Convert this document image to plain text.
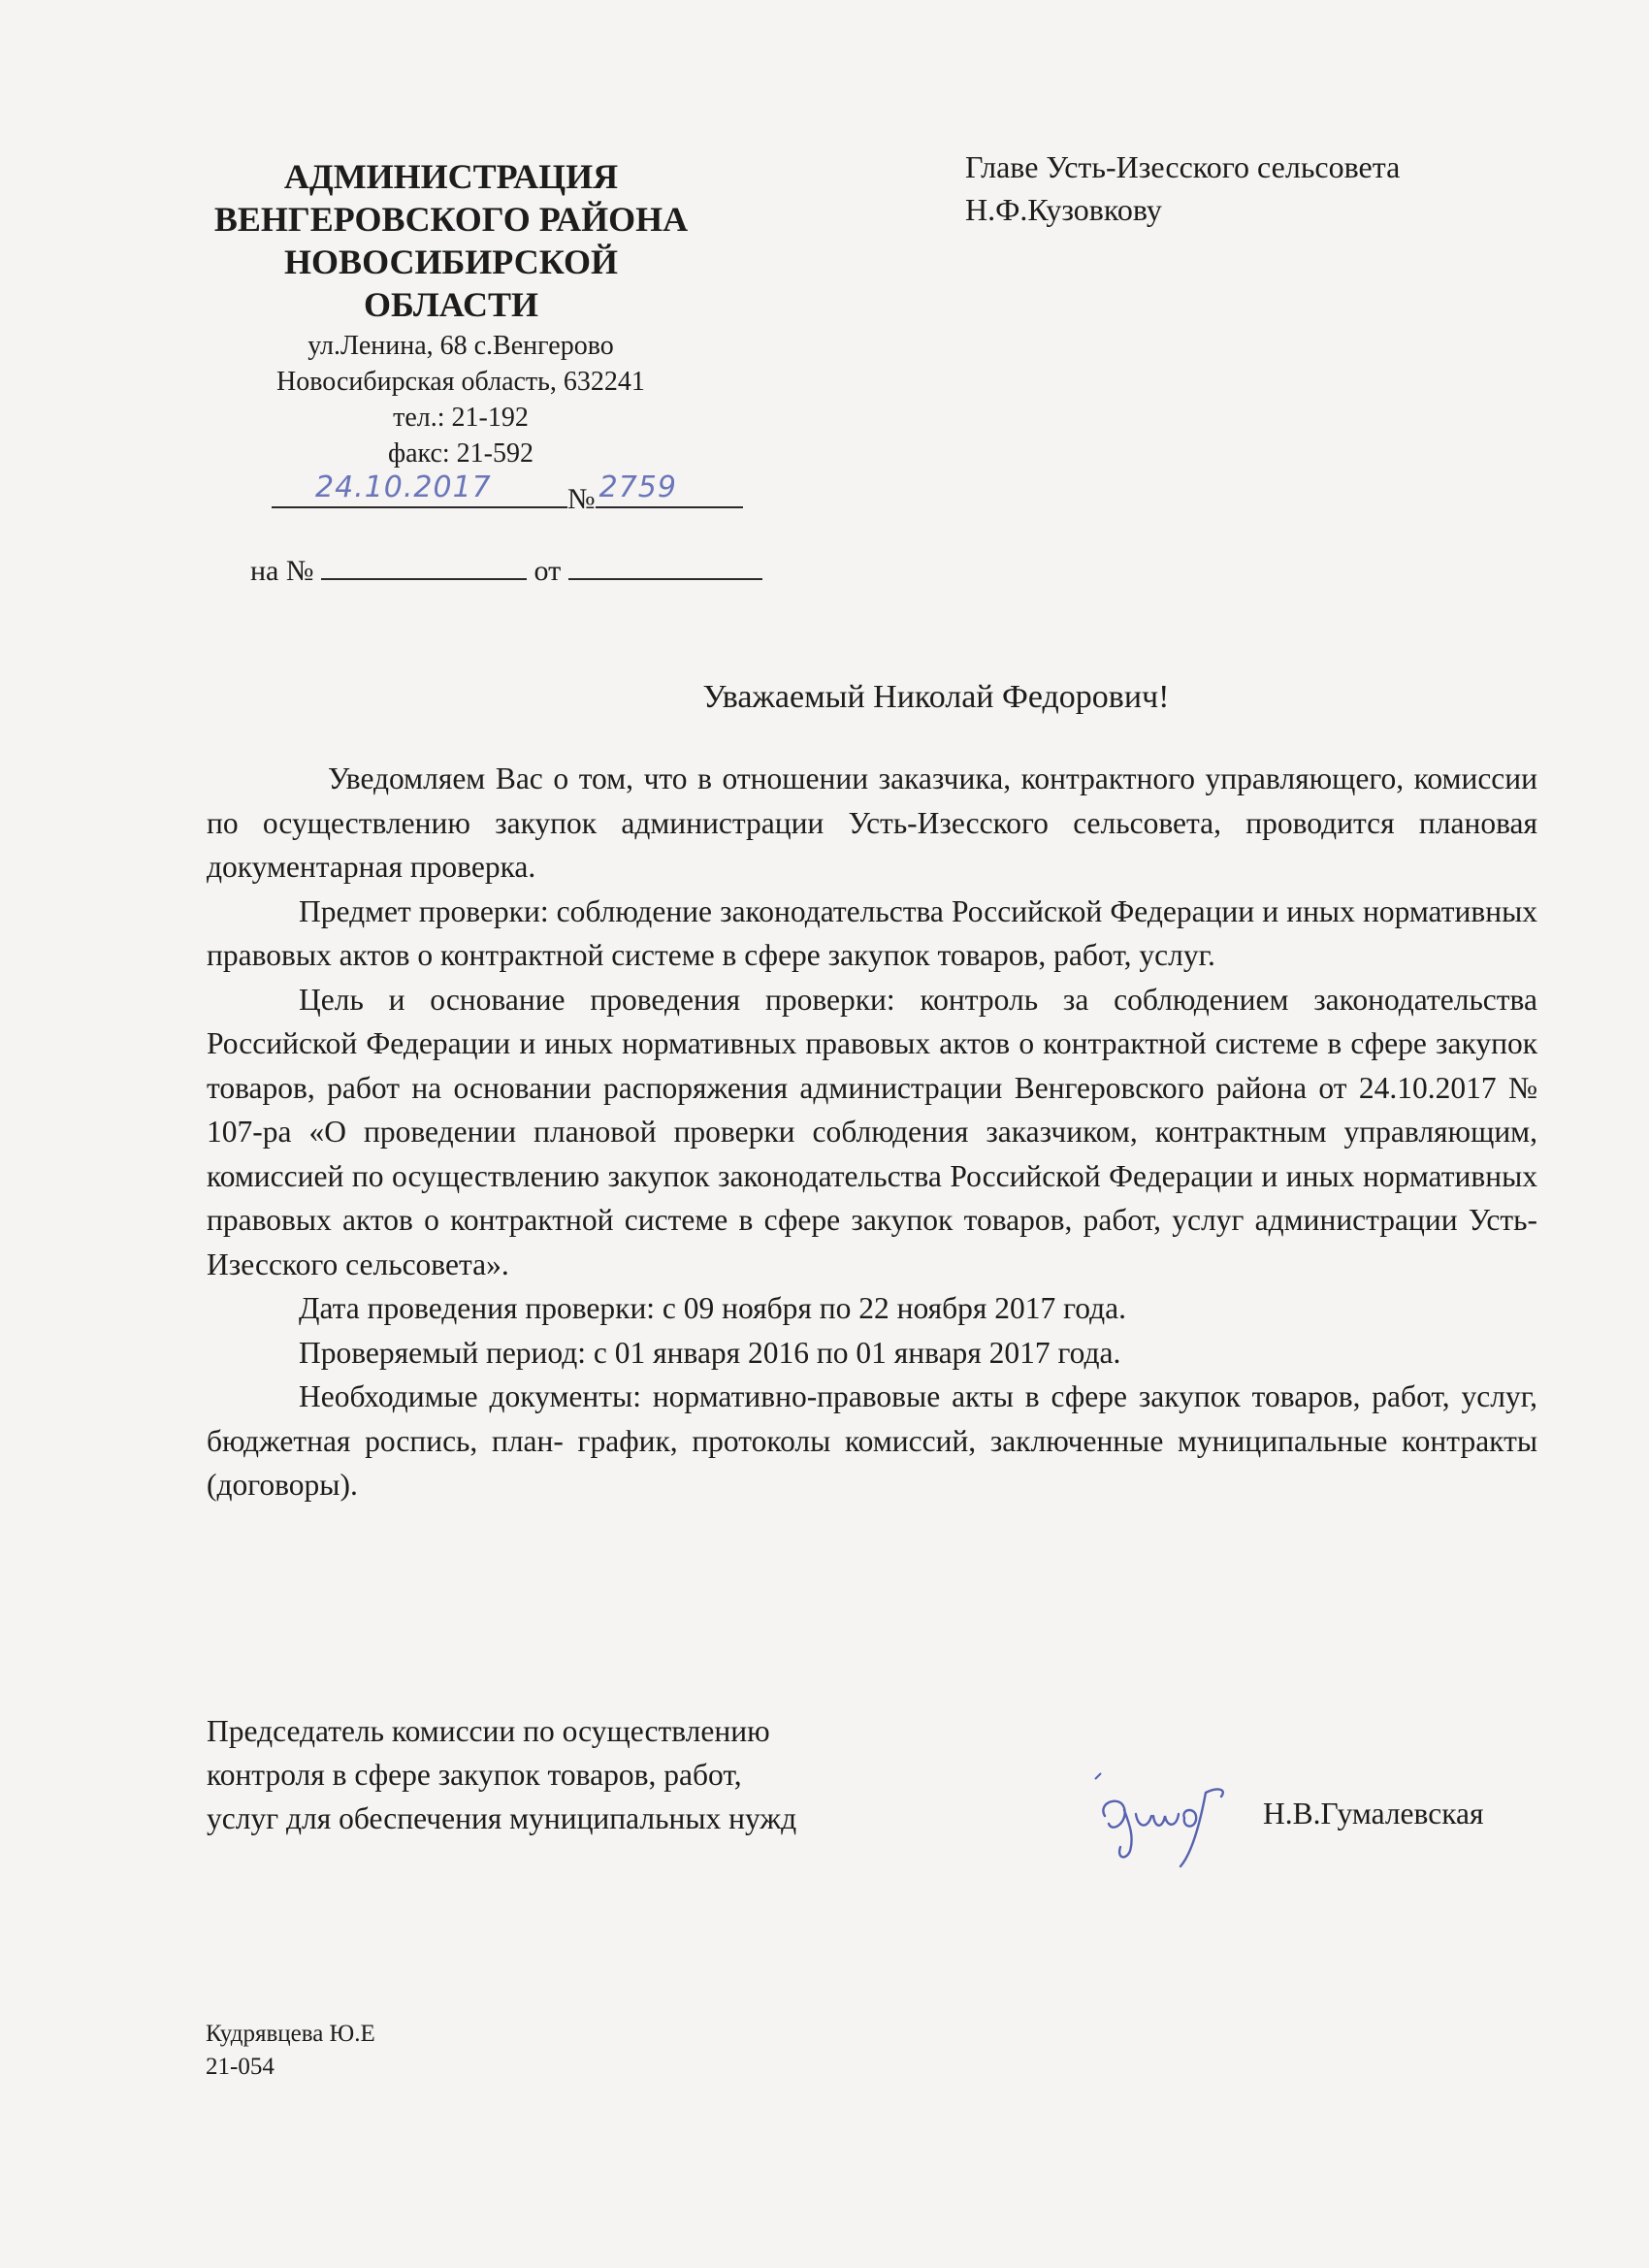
АДМИНИСТРАЦИЯ
ВЕНГЕРОВСКОГО РАЙОНА
НОВОСИБИРСКОЙ ОБЛАСТИ
ул.Ленина, 68 с.Венгерово
Новосибирская область, 632241
тел.: 21-192
факс: 21-592
24.10.2017	№ 2759
на №	от
Главе Усть-Изесского сельсовета
Н.Ф.Кузовкову
Уважаемый Николай Федорович!

Уведомляем Вас о том, что в отношении заказчика, контрактного управляющего, комиссии по осуществлению закупок администрации Усть-Изесского сельсовета, проводится плановая документарная проверка.

Предмет проверки: соблюдение законодательства Российской Федерации и иных нормативных правовых актов о контрактной системе в сфере закупок товаров, работ, услуг.

Цель и основание проведения проверки: контроль за соблюдением законодательства Российской Федерации и иных нормативных правовых актов о контрактной системе в сфере закупок товаров, работ на основании распоряжения администрации Венгеровского района от 24.10.2017 № 107-ра «О проведении плановой проверки соблюдения заказчиком, контрактным управляющим, комиссией по осуществлению закупок законодательства Российской Федерации и иных нормативных правовых актов о контрактной системе в сфере закупок товаров, работ, услуг администрации Усть-Изесского сельсовета».

Дата проведения проверки: с 09 ноября по 22 ноября 2017 года.

Проверяемый период: с 01 января 2016 по 01 января 2017 года.

Необходимые документы: нормативно-правовые акты в сфере закупок товаров, работ, услуг, бюджетная роспись, план- график, протоколы комиссий, заключенные муниципальные контракты (договоры).

Председатель комиссии по осуществлению
контроля в сфере закупок товаров, работ,
услуг для обеспечения муниципальных нужд	Н.В.Гумалевская
Кудрявцева Ю.Е
21-054
